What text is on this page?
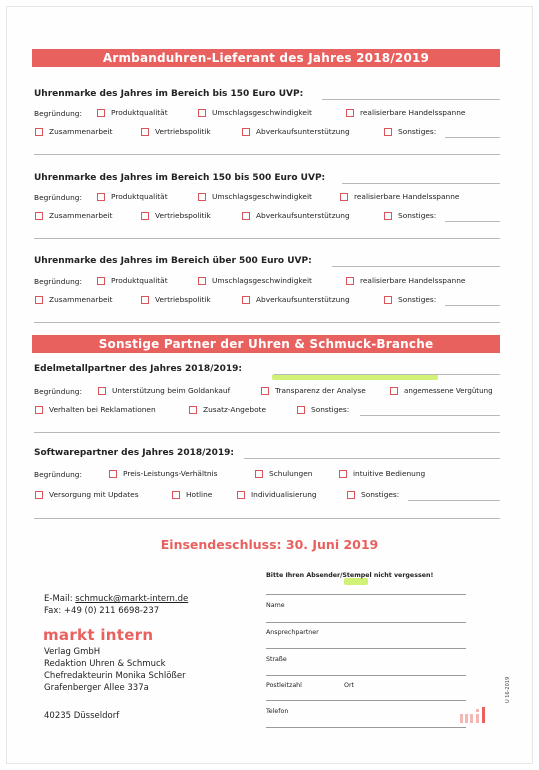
Armbanduhren-Lieferant des Jahres 2018/2019
Uhrenmarke des Jahres im Bereich bis 150 Euro UVP:
Begründung:	Produktqualität	Umschlagsgeschwindigkeit	realisierbare Handelsspanne
Zusammenarbeit	Vertriebspolitik	Abverkaufsunterstützung	Sonstiges:
Uhrenmarke des Jahres im Bereich 150 bis 500 Euro UVP:
Begründung:	Produktqualität	Umschlagsgeschwindigkeit	realisierbare Handelsspanne
Zusammenarbeit	Vertriebspolitik	Abverkaufsunterstützung	Sonstiges:
Uhrenmarke des Jahres im Bereich über 500 Euro UVP:
Begründung:	Produktqualität	Umschlagsgeschwindigkeit	realisierbare Handelsspanne
Zusammenarbeit	Vertriebspolitik	Abverkaufsunterstützung	Sonstiges:
Sonstige Partner der Uhren & Schmuck-Branche
Edelmetallpartner des Jahres 2018/2019:
Begründung:	Unterstützung beim Goldankauf	Transparenz der Analyse	angemessene Vergütung
Verhalten bei Reklamationen	Zusatz-Angebote	Sonstiges:
Softwarepartner des Jahres 2018/2019:
Begründung:	Preis-Leistungs-Verhältnis	Schulungen	intuitive Bedienung
Versorgung mit Updates	Hotline	Individualisierung	Sonstiges:
Einsendeschluss: 30. Juni 2019
E-Mail: schmuck@markt-intern.de
Fax: +49 (0) 211 6698-237
markt intern
Verlag GmbH
Redaktion Uhren & Schmuck
Chefredakteurin Monika Schlößer
Grafenberger Allee 337a
40235 Düsseldorf
Bitte Ihren Absender/Stempel nicht vergessen!
Name
Ansprechpartner
Straße
Postleitzahl	Ort
Telefon
U 16-2019
